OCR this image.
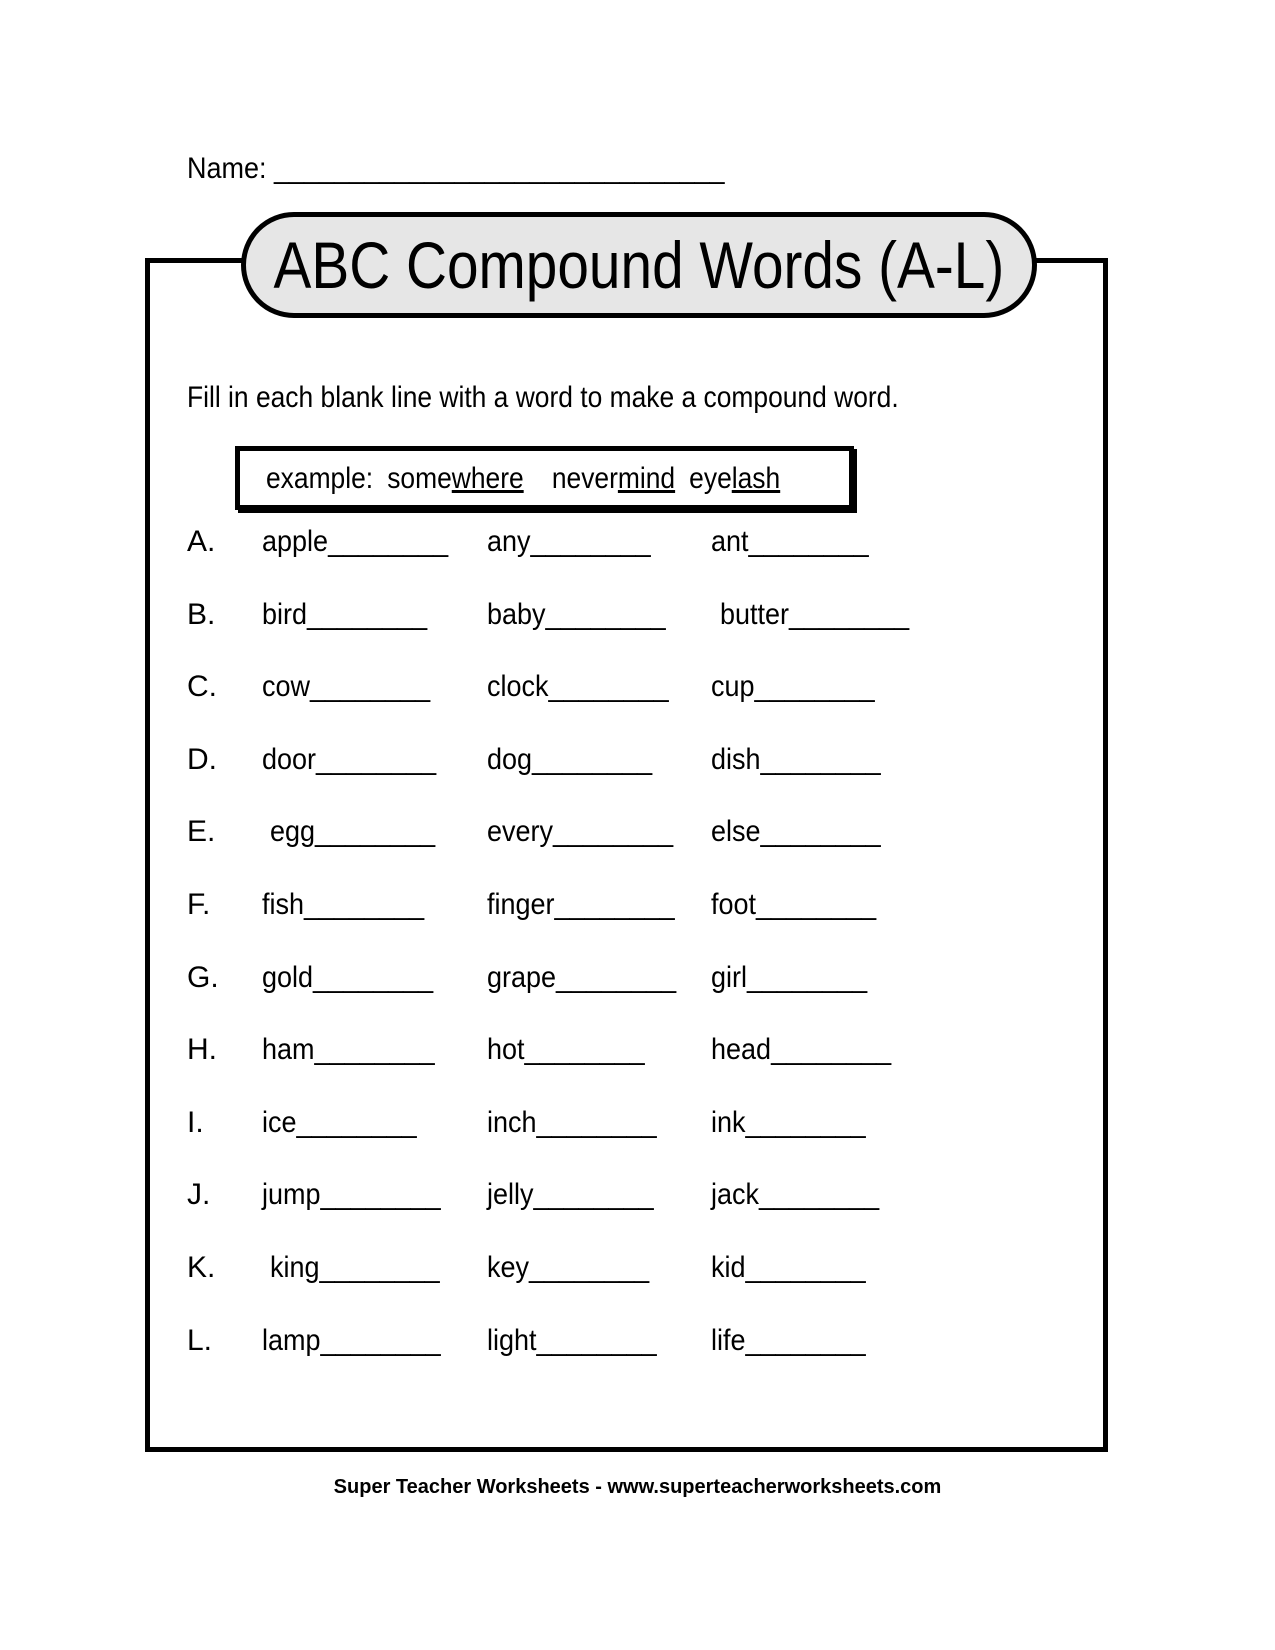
Name: ______________________________
ABC Compound Words (A-L)
Fill in each blank line with a word to make a compound word.
example: somewhere nevermind eyelash
A. apple________ any________ ant________
B. bird________ baby________ butter________
C. cow________ clock________ cup________
D. door________ dog________ dish________
E. egg________ every________ else________
F. fish________ finger________ foot________
G. gold________ grape________ girl________
H. ham________ hot________ head________
I. ice________ inch________ ink________
J. jump________ jelly________ jack________
K. king________ key________ kid________
L. lamp________ light________ life________
Super Teacher Worksheets - www.superteacherworksheets.com
